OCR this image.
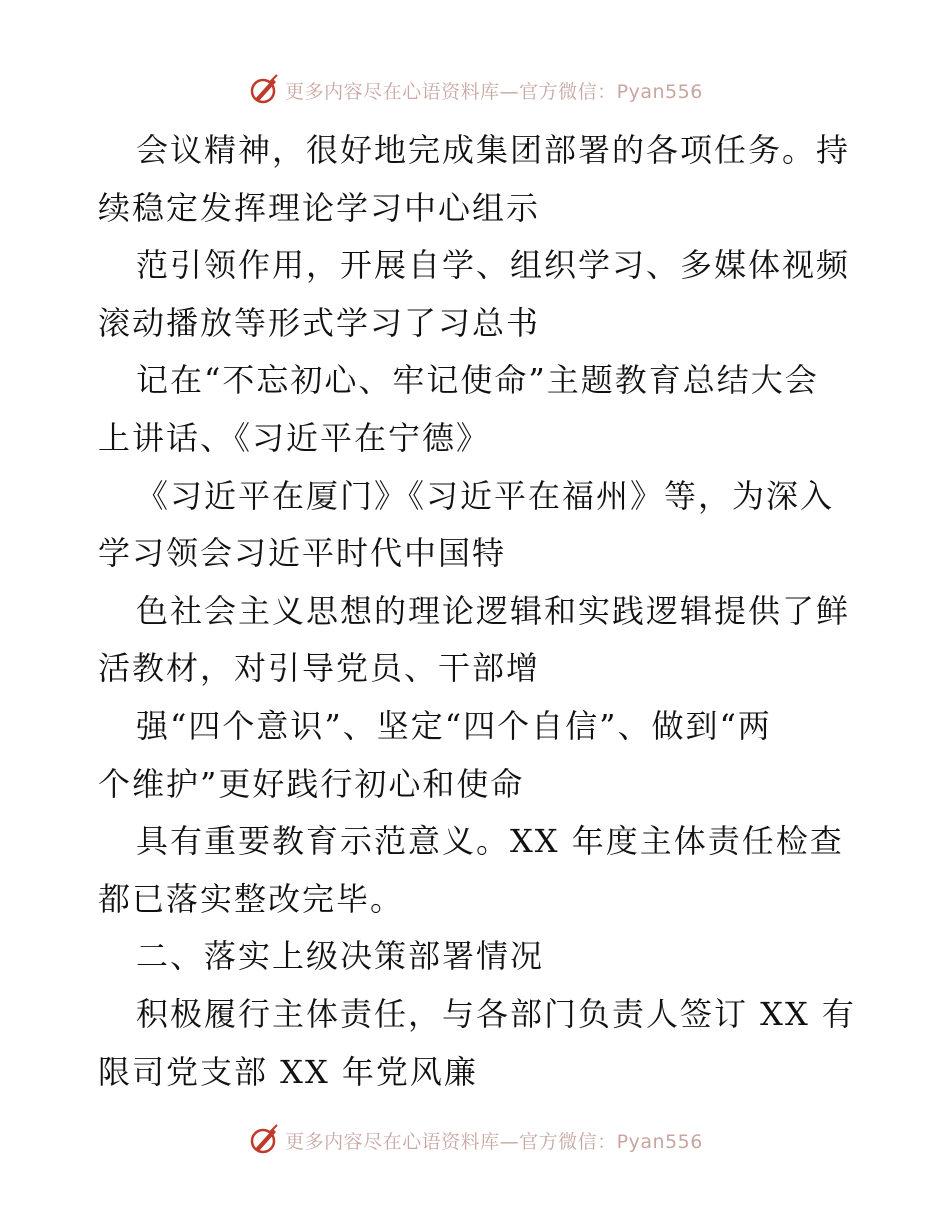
更多内容尽在心语资料库—官方微信：Pyan556
会议精神，很好地完成集团部署的各项任务。持
续稳定发挥理论学习中心组示
范引领作用，开展自学、组织学习、多媒体视频
滚动播放等形式学习了习总书
记在“不忘初心、牢记使命”主题教育总结大会
上讲话、《习近平在宁德》
《习近平在厦门》《习近平在福州》等，为深入
学习领会习近平时代中国特
色社会主义思想的理论逻辑和实践逻辑提供了鲜
活教材，对引导党员、干部增
强“四个意识”、坚定“四个自信”、做到“两
个维护”更好践行初心和使命
具有重要教育示范意义。XX 年度主体责任检查
都已落实整改完毕。
二、落实上级决策部署情况
积极履行主体责任，与各部门负责人签订 XX 有
限司党支部 XX 年党风廉
更多内容尽在心语资料库—官方微信：Pyan556
